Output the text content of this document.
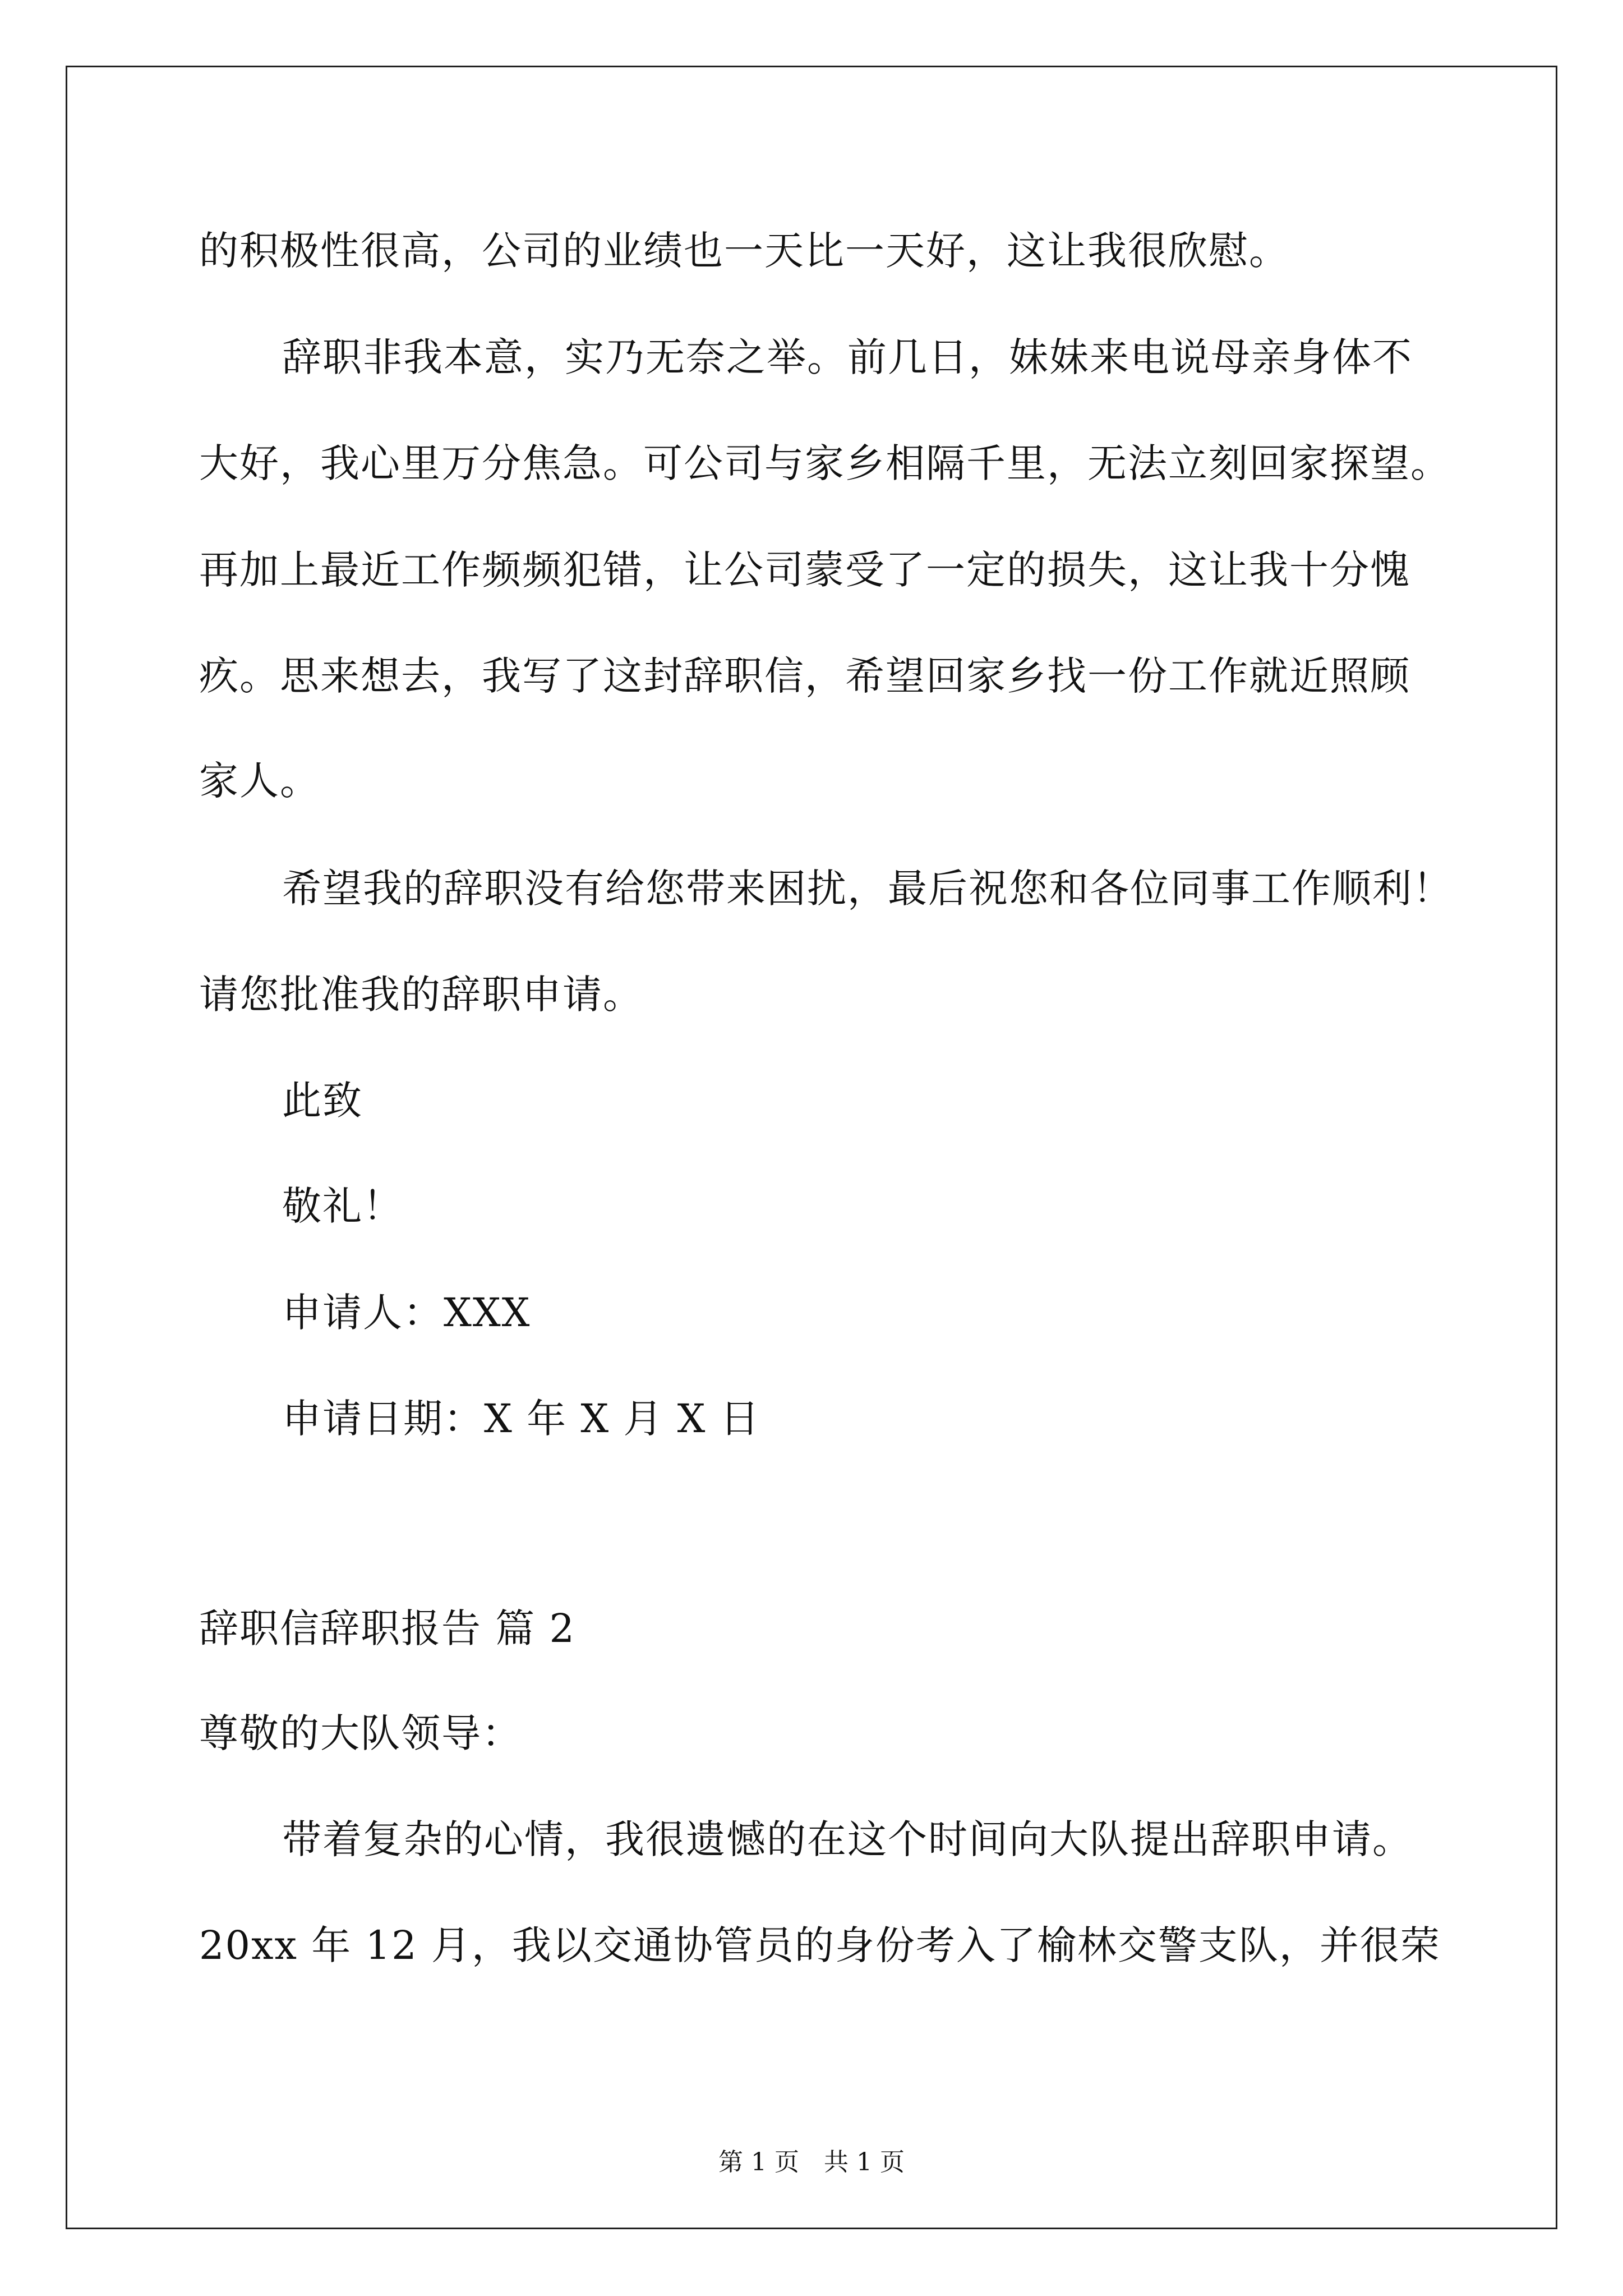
的积极性很高，公司的业绩也一天比一天好，这让我很欣慰。
辞职非我本意，实乃无奈之举。前几日，妹妹来电说母亲身体不
大好，我心里万分焦急。可公司与家乡相隔千里，无法立刻回家探望。
再加上最近工作频频犯错，让公司蒙受了一定的损失，这让我十分愧
疚。思来想去，我写了这封辞职信，希望回家乡找一份工作就近照顾
家人。
希望我的辞职没有给您带来困扰，最后祝您和各位同事工作顺利！
请您批准我的辞职申请。
此致
敬礼！
申请人：XXX
申请日期：X 年 X 月 X 日
辞职信辞职报告 篇 2
尊敬的大队领导：
带着复杂的心情，我很遗憾的在这个时间向大队提出辞职申请。
20xx 年 12 月，我以交通协管员的身份考入了榆林交警支队，并很荣
第 1 页　共 1 页
